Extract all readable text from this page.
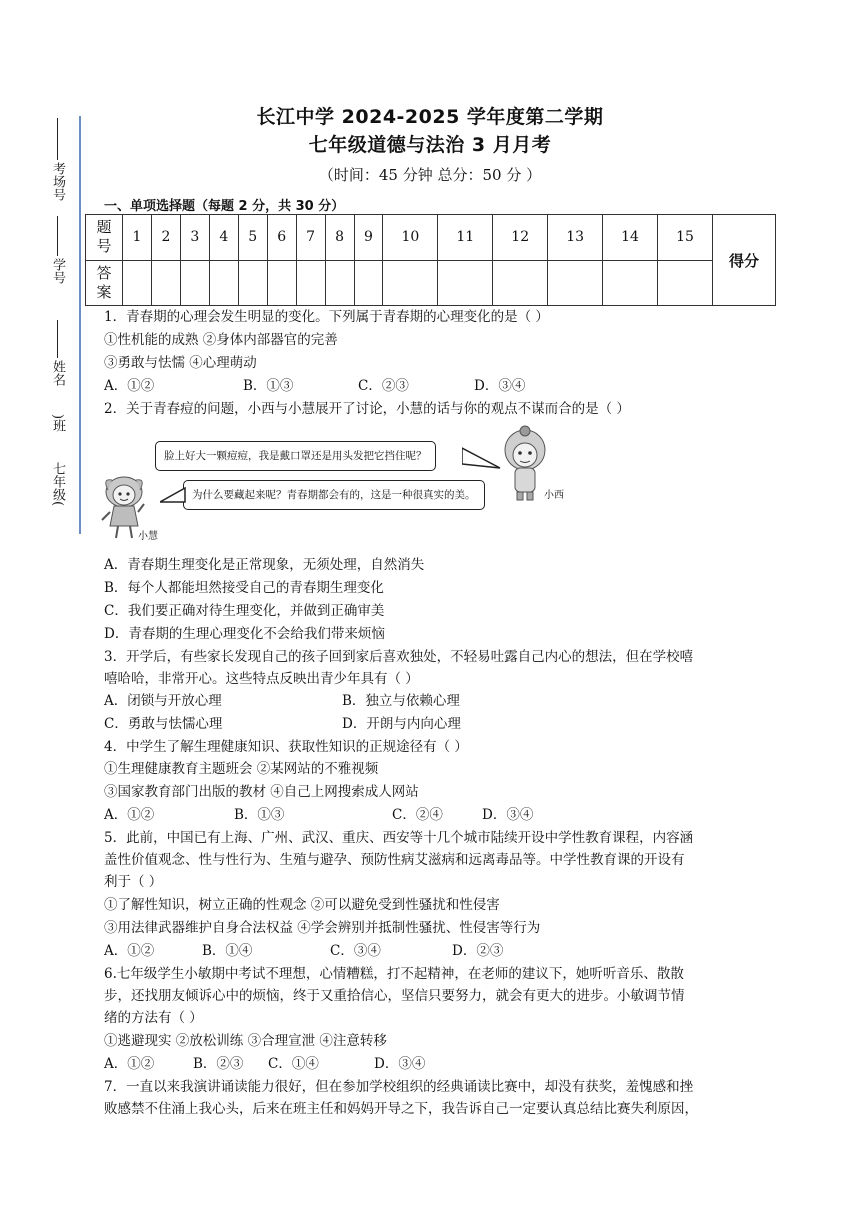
考场号
学号
姓名
)班
七年级(
长江中学 2024-2025 学年度第二学期
七年级道德与法治 3 月月考
（时间：45 分钟 总分：50 分 ）
一、单项选择题（每题 2 分，共 30 分）
题
号	1	2	3	4	5	6	7	8	9	10	11	12	13	14	15	得分
答
案																
1．青春期的心理会发生明显的变化。下列属于青春期的心理变化的是（ ）
①性机能的成熟 ②身体内部器官的完善
③勇敢与怯懦 ④心理萌动
A．①②	B．①③	C．②③	D．③④
2．关于青春痘的问题，小西与小慧展开了讨论，小慧的话与你的观点不谋而合的是（ ）
脸上好大一颗痘痘，我是戴口罩还是用头发把它挡住呢？
为什么要藏起来呢？青春期都会有的，这是一种很真实的美。	小西
小慧
A．青春期生理变化是正常现象，无须处理，自然消失
B．每个人都能坦然接受自己的青春期生理变化
C．我们要正确对待生理变化，并做到正确审美
D．青春期的生理心理变化不会给我们带来烦恼
3．开学后，有些家长发现自己的孩子回到家后喜欢独处，不轻易吐露自己内心的想法，但在学校嘻
嘻哈哈，非常开心。这些特点反映出青少年具有（ ）
A．闭锁与开放心理	B．独立与依赖心理
C．勇敢与怯懦心理	D．开朗与内向心理
4．中学生了解生理健康知识、获取性知识的正规途径有（ ）
①生理健康教育主题班会 ②某网站的不雅视频
③国家教育部门出版的教材 ④自己上网搜索成人网站
A．①②	B．①③	C．②④	D．③④
5．此前，中国已有上海、广州、武汉、重庆、西安等十几个城市陆续开设中学性教育课程，内容涵
盖性价值观念、性与性行为、生殖与避孕、预防性病艾滋病和远离毒品等。中学性教育课的开设有
利于（ ）
①了解性知识，树立正确的性观念 ②可以避免受到性骚扰和性侵害
③用法律武器维护自身合法权益 ④学会辨别并抵制性骚扰、性侵害等行为
A．①②	B．①④	C．③④	D．②③
6.七年级学生小敏期中考试不理想，心情糟糕，打不起精神，在老师的建议下，她听听音乐、散散
步，还找朋友倾诉心中的烦恼，终于又重拾信心，坚信只要努力，就会有更大的进步。小敏调节情
绪的方法有（ ）
①逃避现实 ②放松训练 ③合理宣泄 ④注意转移
A．①②	B．②③ C．①④	D．③④
7．一直以来我演讲诵读能力很好，但在参加学校组织的经典诵读比赛中，却没有获奖，羞愧感和挫
败感禁不住涌上我心头，后来在班主任和妈妈开导之下，我告诉自己一定要认真总结比赛失利原因，
